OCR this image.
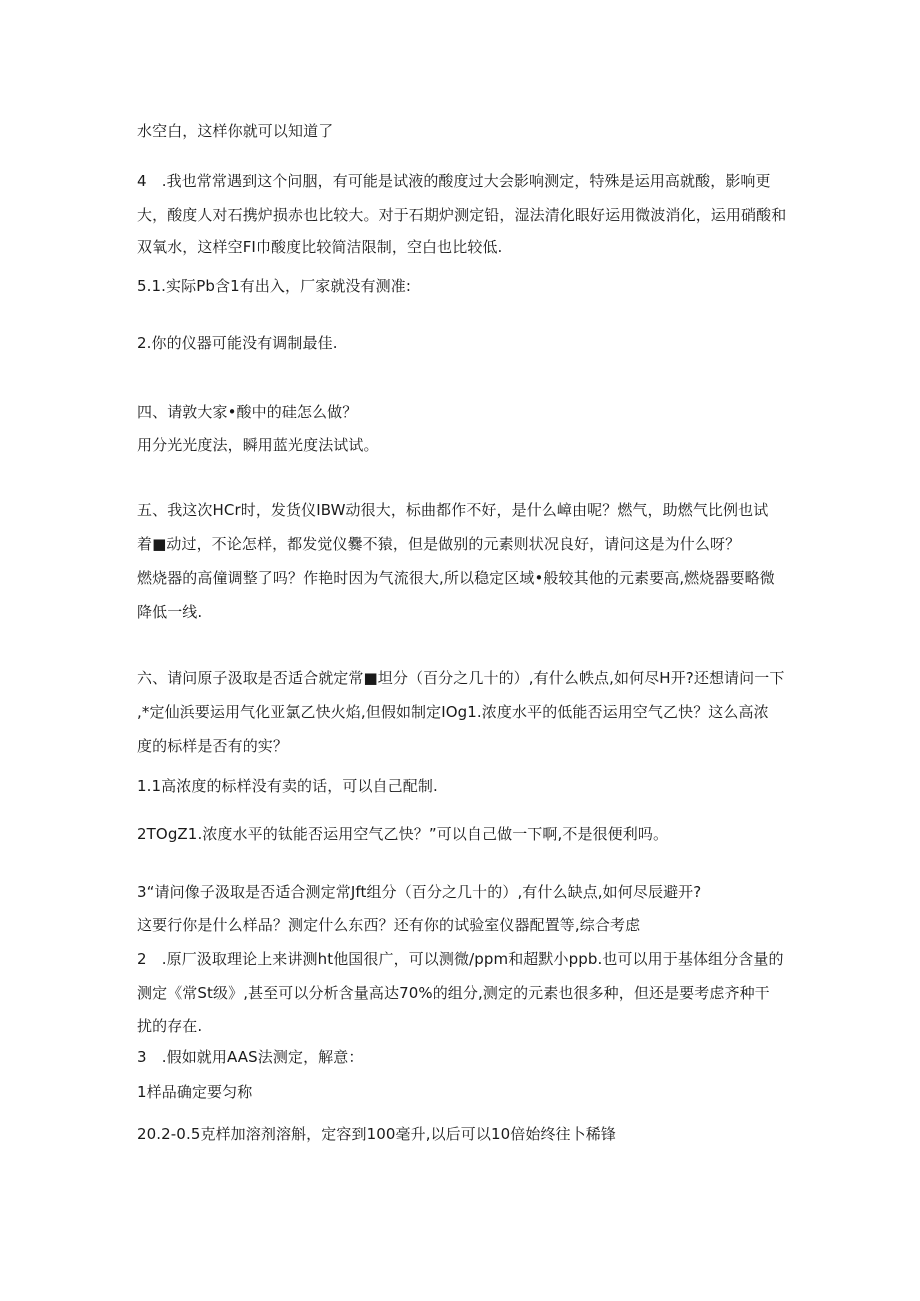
水空白，这样你就可以知道了
4　.我也常常遇到这个问胭，有可能是试液的酸度过大会影响测定，特殊是运用高就酸，影响更
大，酸度人对石携炉损赤也比较大。对于石期炉测定铅，湿法清化眼好运用微波消化，运用硝酸和
双氧水，这样空FI巾酸度比较简洁限制，空白也比较低.
5.1.实际Pb含1有出入，厂家就没有测准:
2.你的仪器可能没有调制最佳.
四、请敦大家•酸中的硅怎么做？
用分光光度法，瞬用蓝光度法试试。
五、我这次HCr时，发货仪IBW动很大，标曲都作不好，是什么嶂由呢？燃气，助燃气比例也试
着■动过，不论怎样，都发觉仪爨不猿，但是做别的元素则状况良好，请问这是为什么呀？
燃烧器的高僮调整了吗？作艳时因为气流很大,所以稳定区域•般较其他的元素要高,燃烧器要略微
降低一线.
六、请问原子汲取是否适合就定常■坦分（百分之几十的）,有什么帙点,如何尽H开?还想请问一下
,*定仙浜要运用气化亚氯乙快火焰,但假如制定IOg1.浓度水平的低能否运用空气乙快？这么高浓
度的标样是否有的实？
1.1高浓度的标样没有卖的话，可以自己配制.
2TOgZ1.浓度水平的钛能否运用空气乙快？”可以自己做一下啊,不是很便利吗。
3“请问像子汲取是否适合测定常Jft组分（百分之几十的）,有什么缺点,如何尽辰避开?
这要行你是什么样品？测定什么东西？还有你的试验室仪器配置等,综合考虑
2　.原厂汲取理论上来讲测ht他国很广，可以测微/ppm和超默小ppb.也可以用于基体组分含量的
测定《常St级》,甚至可以分析含量高达70%的组分,测定的元素也很多种，但还是要考虑齐种干
扰的存在.
3　.假如就用AAS法测定，解意：
1样品确定要匀称
20.2-0.5克样加溶剂溶斛，定容到100毫升,以后可以10倍始终往卜稀锋
